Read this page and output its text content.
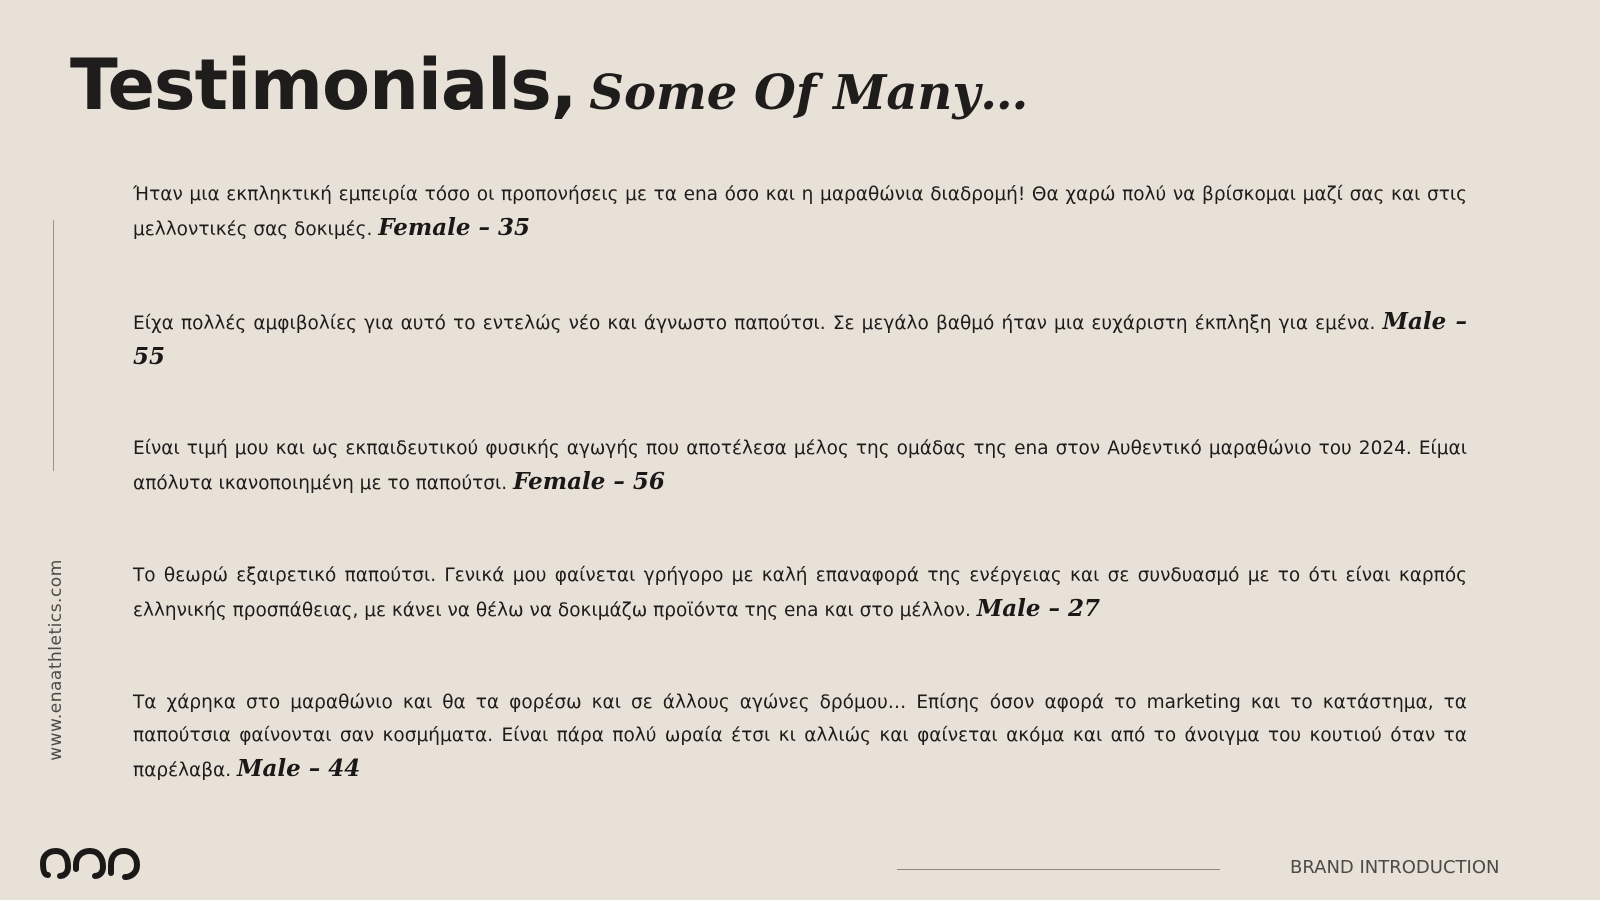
Testimonials, Some Of Many…
www.enaathletics.com

Ήταν μια εκπληκτική εμπειρία τόσο οι προπονήσεις με τα ena όσο και η μαραθώνια διαδρομή! Θα χαρώ πολύ να βρίσκομαι μαζί σας και στις μελλοντικές σας δοκιμές. Female – 35

Είχα πολλές αμφιβολίες για αυτό το εντελώς νέο και άγνωστο παπούτσι. Σε μεγάλο βαθμό ήταν μια ευχάριστη έκπληξη για εμένα. Male – 55

Είναι τιμή μου και ως εκπαιδευτικού φυσικής αγωγής που αποτέλεσα μέλος της ομάδας της ena στον Αυθεντικό μαραθώνιο του 2024. Είμαι απόλυτα ικανοποιημένη με το παπούτσι. Female – 56

Το θεωρώ εξαιρετικό παπούτσι. Γενικά μου φαίνεται γρήγορο με καλή επαναφορά της ενέργειας και σε συνδυασμό με το ότι είναι καρπός ελληνικής προσπάθειας, με κάνει να θέλω να δοκιμάζω προϊόντα της ena και στο μέλλον. Male – 27

Τα χάρηκα στο μαραθώνιο και θα τα φορέσω και σε άλλους αγώνες δρόμου… Επίσης όσον αφορά το marketing και το κατάστημα, τα παπούτσια φαίνονται σαν κοσμήματα. Είναι πάρα πολύ ωραία έτσι κι αλλιώς και φαίνεται ακόμα και από το άνοιγμα του κουτιού όταν τα παρέλαβα. Male – 44

BRAND INTRODUCTION
